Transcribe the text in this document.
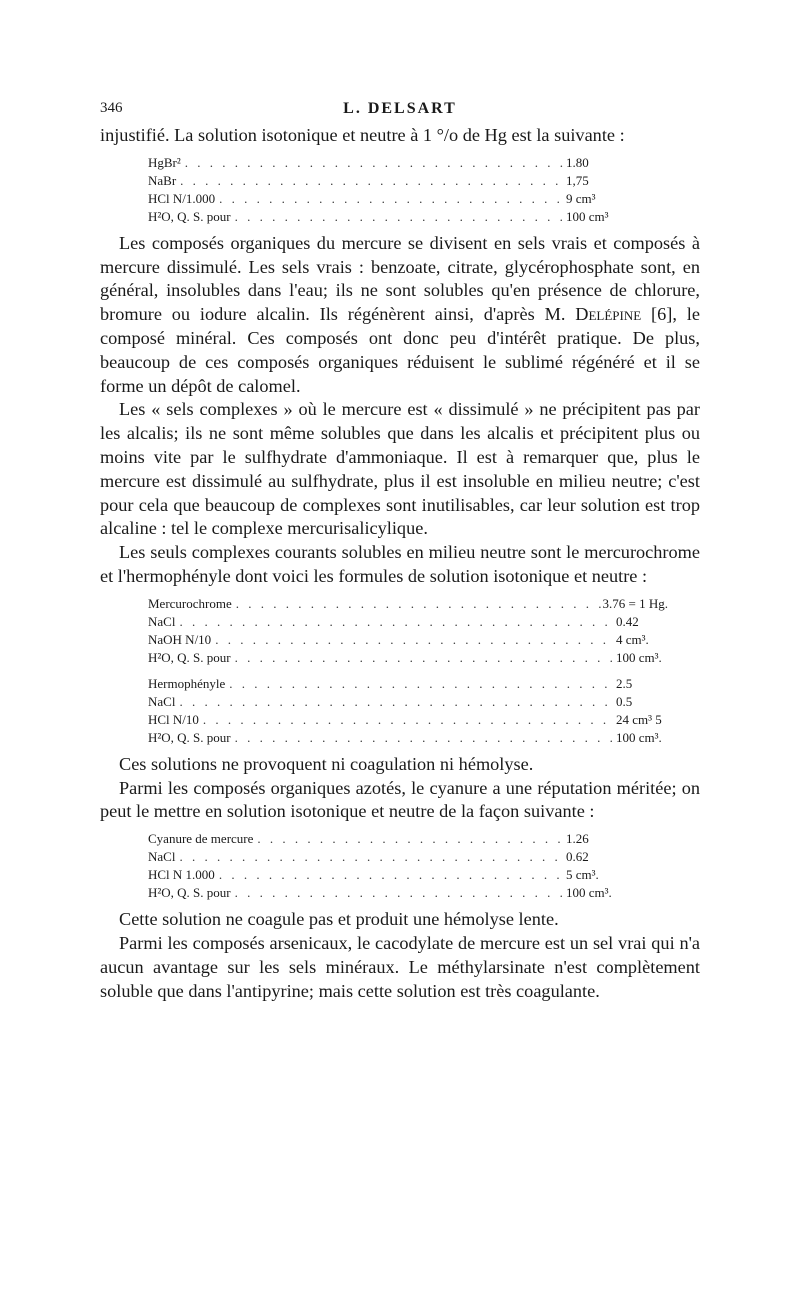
346	L. DELSART

injustifié. La solution isotonique et neutre à 1 °/o de Hg est la suivante :

HgBr² . . .	1.80
NaBr . . .	1,75
HCl N/1.000 . . .	9 cm³
H²O, Q. S. pour . . .	100 cm³

Les composés organiques du mercure se divisent en sels vrais et composés à mercure dissimulé. Les sels vrais : benzoate, citrate, glycérophosphate sont, en général, insolubles dans l'eau; ils ne sont solubles qu'en présence de chlorure, bromure ou iodure alcalin. Ils régénèrent ainsi, d'après M. Delépine [6], le composé minéral. Ces composés ont donc peu d'intérêt pratique. De plus, beaucoup de ces composés organiques réduisent le sublimé régénéré et il se forme un dépôt de calomel.

Les « sels complexes » où le mercure est « dissimulé » ne précipitent pas par les alcalis; ils ne sont même solubles que dans les alcalis et précipitent plus ou moins vite par le sulfhydrate d'ammoniaque. Il est à remarquer que, plus le mercure est dissimulé au sulfhydrate, plus il est insoluble en milieu neutre; c'est pour cela que beaucoup de complexes sont inutilisables, car leur solution est trop alcaline : tel le complexe mercurisalicylique.

Les seuls complexes courants solubles en milieu neutre sont le mercurochrome et l'hermophényle dont voici les formules de solution isotonique et neutre :

Mercurochrome . . .	3.76 = 1 Hg.
NaCl . . .	0.42
NaOH N/10 . . .	4 cm³.
H²O, Q. S. pour . . .	100 cm³.
Hermophényle . . .	2.5
NaCl . . .	0.5
HCl N/10 . . .	24 cm³ 5
H²O, Q. S. pour . . .	100 cm³.

Ces solutions ne provoquent ni coagulation ni hémolyse.

Parmi les composés organiques azotés, le cyanure a une réputation méritée; on peut le mettre en solution isotonique et neutre de la façon suivante :

Cyanure de mercure . . .	1.26
NaCl . . .	0.62
HCl N 1.000 . . .	5 cm³.
H²O, Q. S. pour . . .	100 cm³.

Cette solution ne coagule pas et produit une hémolyse lente.

Parmi les composés arsenicaux, le cacodylate de mercure est un sel vrai qui n'a aucun avantage sur les sels minéraux. Le méthylarsinate n'est complètement soluble que dans l'antipyrine; mais cette solution est très coagulante.
